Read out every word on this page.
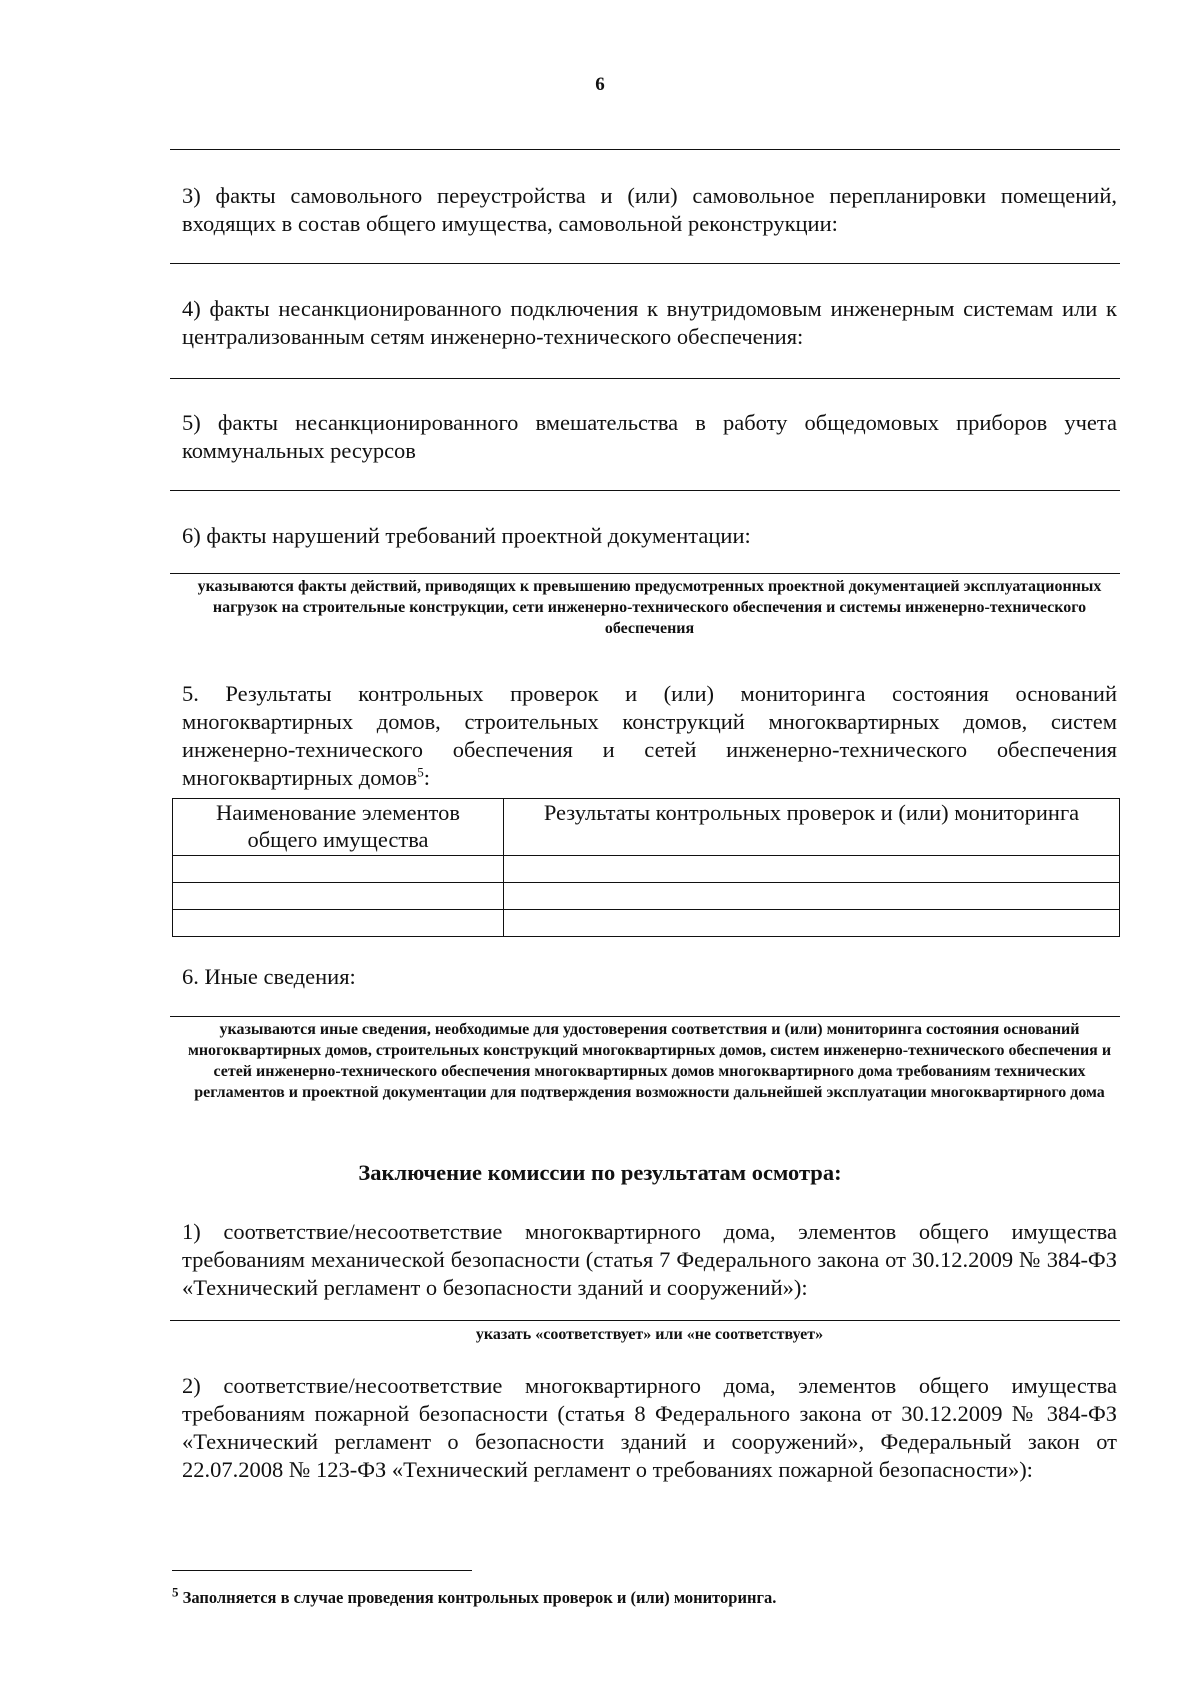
6
3) факты самовольного переустройства и (или) самовольное перепланировки помещений, входящих в состав общего имущества, самовольной реконструкции:
4) факты несанкционированного подключения к внутридомовым инженерным системам или к централизованным сетям инженерно-технического обеспечения:
5) факты несанкционированного вмешательства в работу общедомовых приборов учета коммунальных ресурсов
6) факты нарушений требований проектной документации:
указываются факты действий, приводящих к превышению предусмотренных проектной документацией эксплуатационных нагрузок на строительные конструкции, сети инженерно-технического обеспечения и системы инженерно-технического обеспечения
5. Результаты контрольных проверок и (или) мониторинга состояния оснований многоквартирных домов, строительных конструкций многоквартирных домов, систем инженерно-технического обеспечения и сетей инженерно-технического обеспечения многоквартирных домов$^5$:
Наименование элементов общего имущества	Результаты контрольных проверок и (или) мониторинга

6. Иные сведения:
указываются иные сведения, необходимые для удостоверения соответствия и (или) мониторинга состояния оснований многоквартирных домов, строительных конструкций многоквартирных домов, систем инженерно-технического обеспечения и сетей инженерно-технического обеспечения многоквартирных домов многоквартирного дома требованиям технических регламентов и проектной документации для подтверждения возможности дальнейшей эксплуатации многоквартирного дома
Заключение комиссии по результатам осмотра:
1) соответствие/несоответствие многоквартирного дома, элементов общего имущества требованиям механической безопасности (статья 7 Федерального закона от 30.12.2009 № 384-ФЗ «Технический регламент о безопасности зданий и сооружений»):
указать «соответствует» или «не соответствует»
2) соответствие/несоответствие многоквартирного дома, элементов общего имущества требованиям пожарной безопасности (статья 8 Федерального закона от 30.12.2009 № 384-ФЗ «Технический регламент о безопасности зданий и сооружений», Федеральный закон от 22.07.2008 № 123-ФЗ «Технический регламент о требованиях пожарной безопасности»):
$^5$ Заполняется в случае проведения контрольных проверок и (или) мониторинга.
